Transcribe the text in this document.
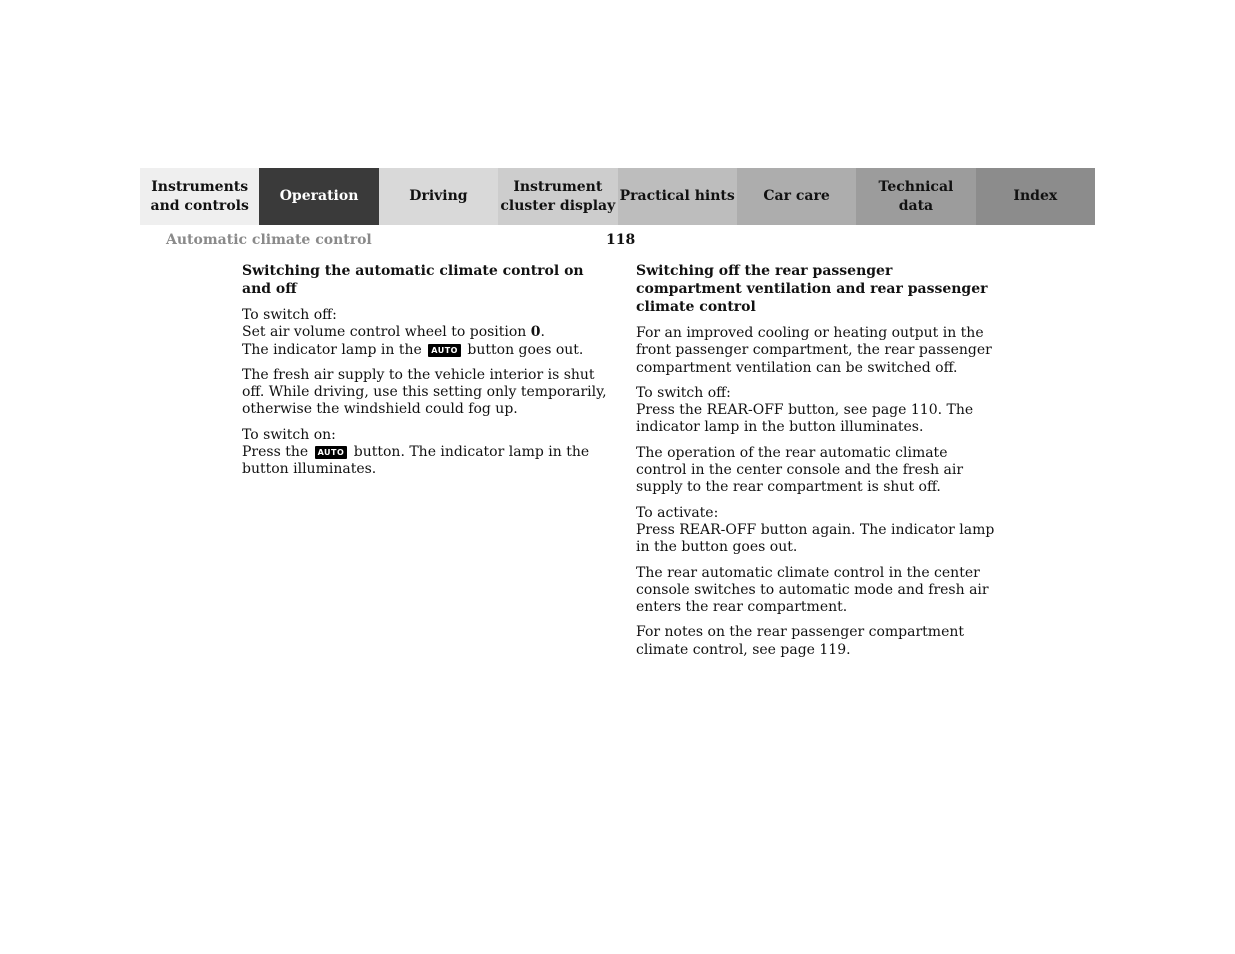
Instruments
and controls
Operation	Driving
Instrument
cluster display
Practical hints	Car care
Technical
data
Index
Automatic climate control	118
Switching the automatic climate control on and off

To switch off:
Set air volume control wheel to position 0.
The indicator lamp in the AUTO button goes out.

The fresh air supply to the vehicle interior is shut off. While driving, use this setting only temporarily, otherwise the windshield could fog up.

To switch on:
Press the AUTO button. The indicator lamp in the button illuminates.

Switching off the rear passenger compartment ventilation and rear passenger climate control

For an improved cooling or heating output in the front passenger compartment, the rear passenger compartment ventilation can be switched off.

To switch off:
Press the REAR-OFF button, see page 110. The indicator lamp in the button illuminates.

The operation of the rear automatic climate control in the center console and the fresh air supply to the rear compartment is shut off.

To activate:
Press REAR-OFF button again. The indicator lamp in the button goes out.

The rear automatic climate control in the center console switches to automatic mode and fresh air enters the rear compartment.

For notes on the rear passenger compartment climate control, see page 119.
